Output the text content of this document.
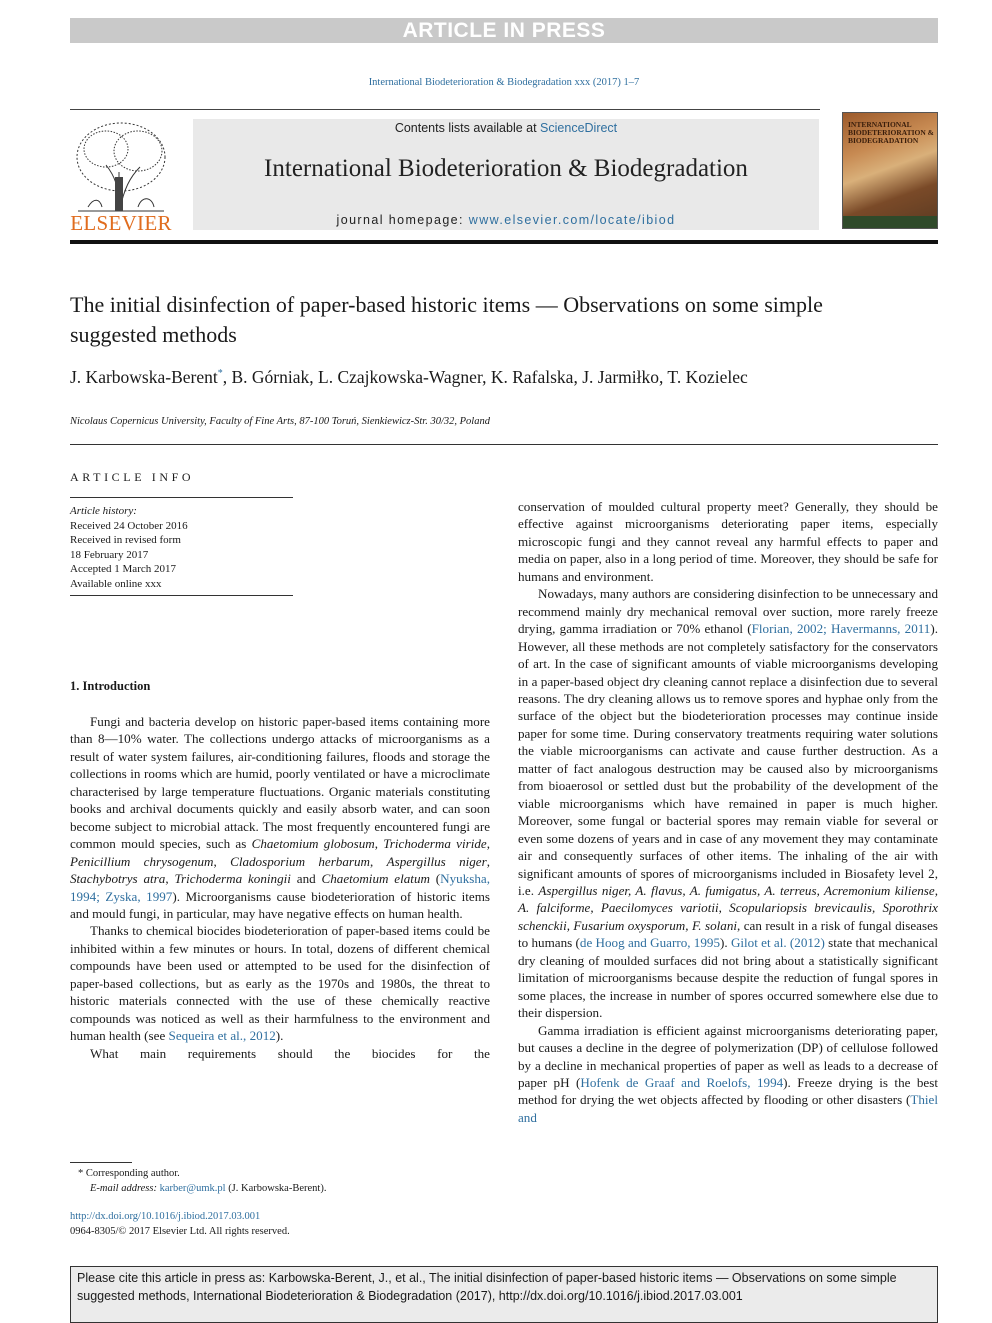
ARTICLE IN PRESS
International Biodeterioration & Biodegradation xxx (2017) 1–7
ELSEVIER
Contents lists available at ScienceDirect
International Biodeterioration & Biodegradation
journal homepage: www.elsevier.com/locate/ibiod
INTERNATIONAL BIODETERIORATION & BIODEGRADATION
The initial disinfection of paper-based historic items — Observations on some simple suggested methods
J. Karbowska-Berent*, B. Górniak, L. Czajkowska-Wagner, K. Rafalska, J. Jarmiłko, T. Kozielec
Nicolaus Copernicus University, Faculty of Fine Arts, 87-100 Toruń, Sienkiewicz-Str. 30/32, Poland
ARTICLE INFO
Article history:
Received 24 October 2016
Received in revised form
18 February 2017
Accepted 1 March 2017
Available online xxx
1. Introduction

Fungi and bacteria develop on historic paper-based items containing more than 8—10% water. The collections undergo attacks of microorganisms as a result of water system failures, air-conditioning failures, floods and storage the collections in rooms which are humid, poorly ventilated or have a microclimate characterised by large temperature fluctuations. Organic materials constituting books and archival documents quickly and easily absorb water, and can soon become subject to microbial attack. The most frequently encountered fungi are common mould species, such as Chaetomium globosum, Trichoderma viride, Penicillium chrysogenum, Cladosporium herbarum, Aspergillus niger, Stachybotrys atra, Trichoderma koningii and Chaetomium elatum (Nyuksha, 1994; Zyska, 1997). Microorganisms cause biodeterioration of historic items and mould fungi, in particular, may have negative effects on human health.

Thanks to chemical biocides biodeterioration of paper-based items could be inhibited within a few minutes or hours. In total, dozens of different chemical compounds have been used or attempted to be used for the disinfection of paper-based collections, but as early as the 1970s and 1980s, the threat to historic materials connected with the use of these chemically reactive compounds was noticed as well as their harmfulness to the environment and human health (see Sequeira et al., 2012).

What main requirements should the biocides for the

conservation of moulded cultural property meet? Generally, they should be effective against microorganisms deteriorating paper items, especially microscopic fungi and they cannot reveal any harmful effects to paper and media on paper, also in a long period of time. Moreover, they should be safe for humans and environment.

Nowadays, many authors are considering disinfection to be unnecessary and recommend mainly dry mechanical removal over suction, more rarely freeze drying, gamma irradiation or 70% ethanol (Florian, 2002; Havermanns, 2011). However, all these methods are not completely satisfactory for the conservators of art. In the case of significant amounts of viable microorganisms developing in a paper-based object dry cleaning cannot replace a disinfection due to several reasons. The dry cleaning allows us to remove spores and hyphae only from the surface of the object but the biodeterioration processes may continue inside paper for some time. During conservatory treatments requiring water solutions the viable microorganisms can activate and cause further destruction. As a matter of fact analogous destruction may be caused also by microorganisms from bioaerosol or settled dust but the probability of the development of the viable microorganisms which have remained in paper is much higher. Moreover, some fungal or bacterial spores may remain viable for several or even some dozens of years and in case of any movement they may contaminate air and consequently surfaces of other items. The inhaling of the air with significant amounts of spores of microorganisms included in Biosafety level 2, i.e. Aspergillus niger, A. flavus, A. fumigatus, A. terreus, Acremonium kiliense, A. falciforme, Paecilomyces variotii, Scopulariopsis brevicaulis, Sporothrix schenckii, Fusarium oxysporum, F. solani, can result in a risk of fungal diseases to humans (de Hoog and Guarro, 1995). Gilot et al. (2012) state that mechanical dry cleaning of moulded surfaces did not bring about a statistically significant limitation of microorganisms because despite the reduction of fungal spores in some places, the increase in number of spores occurred somewhere else due to their dispersion.

Gamma irradiation is efficient against microorganisms deteriorating paper, but causes a decline in the degree of polymerization (DP) of cellulose followed by a decline in mechanical properties of paper as well as leads to a decrease of paper pH (Hofenk de Graaf and Roelofs, 1994). Freeze drying is the best method for drying the wet objects affected by flooding or other disasters (Thiel and

* Corresponding author.
E-mail address: karber@umk.pl (J. Karbowska-Berent).
http://dx.doi.org/10.1016/j.ibiod.2017.03.001
0964-8305/© 2017 Elsevier Ltd. All rights reserved.
Please cite this article in press as: Karbowska-Berent, J., et al., The initial disinfection of paper-based historic items — Observations on some simple suggested methods, International Biodeterioration & Biodegradation (2017), http://dx.doi.org/10.1016/j.ibiod.2017.03.001
